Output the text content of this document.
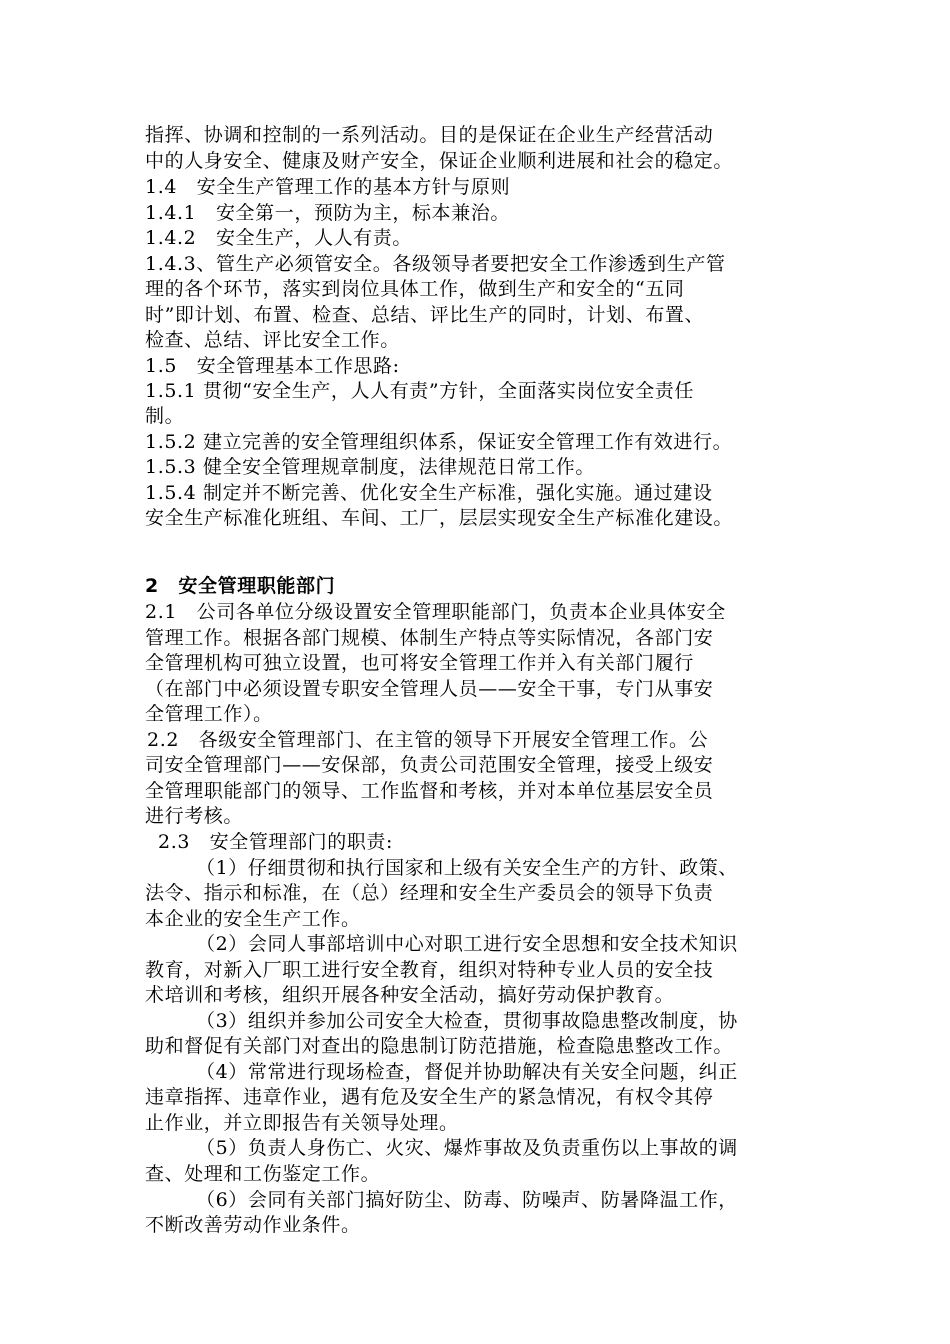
指挥、协调和控制的一系列活动。目的是保证在企业生产经营活动
中的人身安全、健康及财产安全，保证企业顺利进展和社会的稳定。
1.4　安全生产管理工作的基本方针与原则
1.4.1　安全第一，预防为主，标本兼治。
1.4.2　安全生产，人人有责。
1.4.3、管生产必须管安全。各级领导者要把安全工作渗透到生产管
理的各个环节，落实到岗位具体工作，做到生产和安全的“五同
时”即计划、布置、检查、总结、评比生产的同时，计划、布置、
检查、总结、评比安全工作。
1.5　安全管理基本工作思路:
1.5.1 贯彻“安全生产，人人有责”方针，全面落实岗位安全责任
制。
1.5.2 建立完善的安全管理组织体系，保证安全管理工作有效进行。
1.5.3 健全安全管理规章制度，法律规范日常工作。
1.5.4 制定并不断完善、优化安全生产标准，强化实施。通过建设
安全生产标准化班组、车间、工厂，层层实现安全生产标准化建设。
2　安全管理职能部门
2.1　公司各单位分级设置安全管理职能部门，负责本企业具体安全
管理工作。根据各部门规模、体制生产特点等实际情况，各部门安
全管理机构可独立设置，也可将安全管理工作并入有关部门履行
（在部门中必须设置专职安全管理人员——安全干事，专门从事安
全管理工作）。
2.2　各级安全管理部门、在主管的领导下开展安全管理工作。公
司安全管理部门——安保部，负责公司范围安全管理，接受上级安
全管理职能部门的领导、工作监督和考核，并对本单位基层安全员
进行考核。
2.3　安全管理部门的职责:
（1）仔细贯彻和执行国家和上级有关安全生产的方针、政策、
法令、指示和标准，在（总）经理和安全生产委员会的领导下负责
本企业的安全生产工作。
（2）会同人事部培训中心对职工进行安全思想和安全技术知识
教育，对新入厂职工进行安全教育，组织对特种专业人员的安全技
术培训和考核，组织开展各种安全活动，搞好劳动保护教育。
（3）组织并参加公司安全大检查，贯彻事故隐患整改制度，协
助和督促有关部门对查出的隐患制订防范措施，检查隐患整改工作。
（4）常常进行现场检查，督促并协助解决有关安全问题，纠正
违章指挥、违章作业，遇有危及安全生产的紧急情况，有权令其停
止作业，并立即报告有关领导处理。
（5）负责人身伤亡、火灾、爆炸事故及负责重伤以上事故的调
查、处理和工伤鉴定工作。
（6）会同有关部门搞好防尘、防毒、防噪声、防暑降温工作，
不断改善劳动作业条件。
